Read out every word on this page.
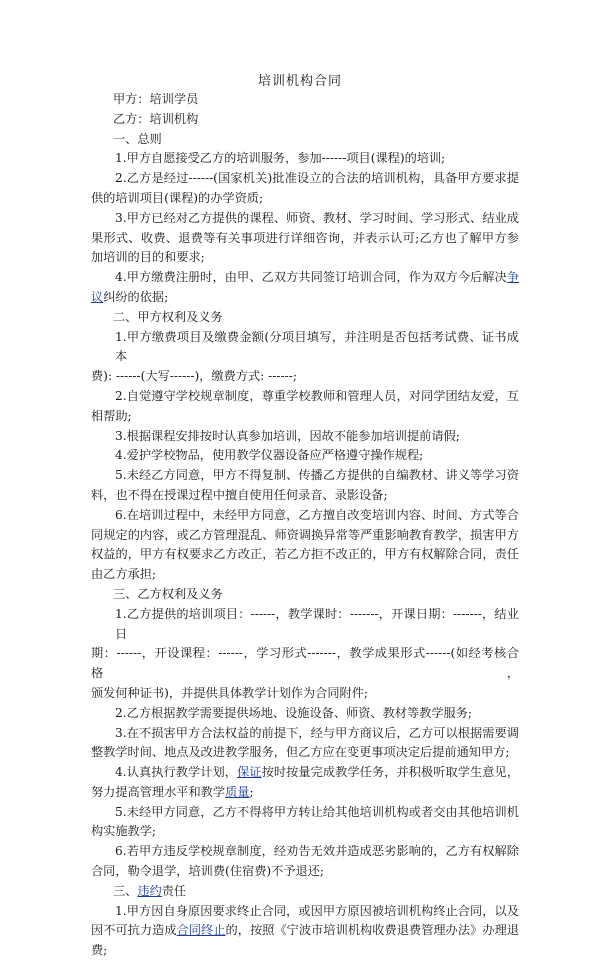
培训机构合同
甲方：培训学员
乙方：培训机构
一、总则
1.甲方自愿接受乙方的培训服务，参加------项目(课程)的培训;
2.乙方是经过------(国家机关)批准设立的合法的培训机构，具备甲方要求提
供的培训项目(课程)的办学资质;
3.甲方已经对乙方提供的课程、师资、教材、学习时间、学习形式、结业成
果形式、收费、退费等有关事项进行详细咨询，并表示认可;乙方也了解甲方参
加培训的目的和要求;
4.甲方缴费注册时，由甲、乙双方共同签订培训合同，作为双方今后解决争
议纠纷的依据;
二、甲方权利及义务
1.甲方缴费项目及缴费金额(分项目填写，并注明是否包括考试费、证书成本
费): ------(大写------)，缴费方式: ------;
2.自觉遵守学校规章制度，尊重学校教师和管理人员，对同学团结友爱，互
相帮助;
3.根据课程安排按时认真参加培训，因故不能参加培训提前请假;
4.爱护学校物品，使用教学仪器设备应严格遵守操作规程;
5.未经乙方同意，甲方不得复制、传播乙方提供的自编教材、讲义等学习资
料，也不得在授课过程中擅自使用任何录音、录影设备;
6.在培训过程中，未经甲方同意，乙方擅自改变培训内容、时间、方式等合
同规定的内容，或乙方管理混乱、师资调换异常等严重影响教育教学，损害甲方
权益的，甲方有权要求乙方改正，若乙方拒不改正的，甲方有权解除合同，责任
由乙方承担;
三、乙方权利及义务
1.乙方提供的培训项目：------，教学课时：-------，开课日期：-------，结业日
期：------，开设课程：------，学习形式-------，教学成果形式------(如经考核合格，
颁发何种证书)，并提供具体教学计划作为合同附件;
2.乙方根据教学需要提供场地、设施设备、师资、教材等教学服务;
3.在不损害甲方合法权益的前提下，经与甲方商议后，乙方可以根据需要调
整教学时间、地点及改进教学服务，但乙方应在变更事项决定后提前通知甲方;
4.认真执行教学计划，保证按时按量完成教学任务，并积极听取学生意见，
努力提高管理水平和教学质量;
5.未经甲方同意，乙方不得将甲方转让给其他培训机构或者交由其他培训机
构实施教学;
6.若甲方违反学校规章制度，经劝告无效并造成恶劣影响的，乙方有权解除
合同，勒令退学，培训费(住宿费)不予退还;
三、违约责任
1.甲方因自身原因要求终止合同，或因甲方原因被培训机构终止合同，以及
因不可抗力造成合同终止的，按照《宁波市培训机构收费退费管理办法》办理退
费;
